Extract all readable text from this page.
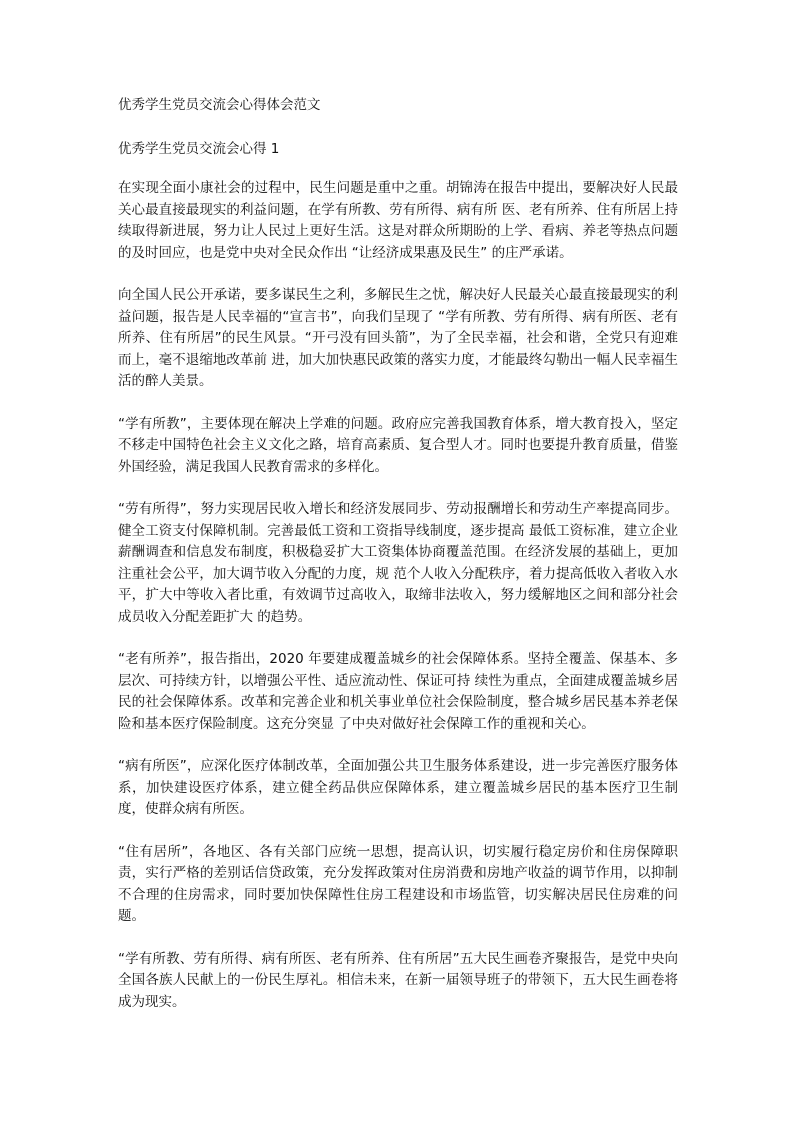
优秀学生党员交流会心得体会范文
优秀学生党员交流会心得 1

在实现全面小康社会的过程中，民生问题是重中之重。胡锦涛在报告中提出，要解决好人民最关心最直接最现实的利益问题，在学有所教、劳有所得、病有所 医、老有所养、住有所居上持续取得新进展，努力让人民过上更好生活。这是对群众所期盼的上学、看病、养老等热点问题的及时回应，也是党中央对全民众作出 “让经济成果惠及民生” 的庄严承诺。

向全国人民公开承诺，要多谋民生之利，多解民生之忧，解决好人民最关心最直接最现实的利益问题，报告是人民幸福的“宣言书”，向我们呈现了 “学有所教、劳有所得、病有所医、老有所养、住有所居”的民生风景。“开弓没有回头箭”，为了全民幸福，社会和谐，全党只有迎难而上，毫不退缩地改革前 进，加大加快惠民政策的落实力度，才能最终勾勒出一幅人民幸福生活的醉人美景。

“学有所教”，主要体现在解决上学难的问题。政府应完善我国教育体系，增大教育投入，坚定不移走中国特色社会主义文化之路，培育高素质、复合型人才。同时也要提升教育质量，借鉴外国经验，满足我国人民教育需求的多样化。

“劳有所得”，努力实现居民收入增长和经济发展同步、劳动报酬增长和劳动生产率提高同步。健全工资支付保障机制。完善最低工资和工资指导线制度，逐步提高 最低工资标准，建立企业薪酬调查和信息发布制度，积极稳妥扩大工资集体协商覆盖范围。在经济发展的基础上，更加注重社会公平，加大调节收入分配的力度，规 范个人收入分配秩序，着力提高低收入者收入水平，扩大中等收入者比重，有效调节过高收入，取缔非法收入，努力缓解地区之间和部分社会成员收入分配差距扩大 的趋势。

“老有所养”，报告指出，2020 年要建成覆盖城乡的社会保障体系。坚持全覆盖、保基本、多层次、可持续方针，以增强公平性、适应流动性、保证可持 续性为重点，全面建成覆盖城乡居民的社会保障体系。改革和完善企业和机关事业单位社会保险制度，整合城乡居民基本养老保险和基本医疗保险制度。这充分突显 了中央对做好社会保障工作的重视和关心。

“病有所医”，应深化医疗体制改革，全面加强公共卫生服务体系建设，进一步完善医疗服务体系，加快建设医疗体系，建立健全药品供应保障体系，建立覆盖城乡居民的基本医疗卫生制度，使群众病有所医。

“住有居所”，各地区、各有关部门应统一思想，提高认识，切实履行稳定房价和住房保障职责，实行严格的差别话信贷政策，充分发挥政策对住房消费和房地产收益的调节作用，以抑制不合理的住房需求，同时要加快保障性住房工程建设和市场监管，切实解决居民住房难的问题。

“学有所教、劳有所得、病有所医、老有所养、住有所居”五大民生画卷齐聚报告，是党中央向全国各族人民献上的一份民生厚礼。相信未来，在新一届领导班子的带领下，五大民生画卷将成为现实。
